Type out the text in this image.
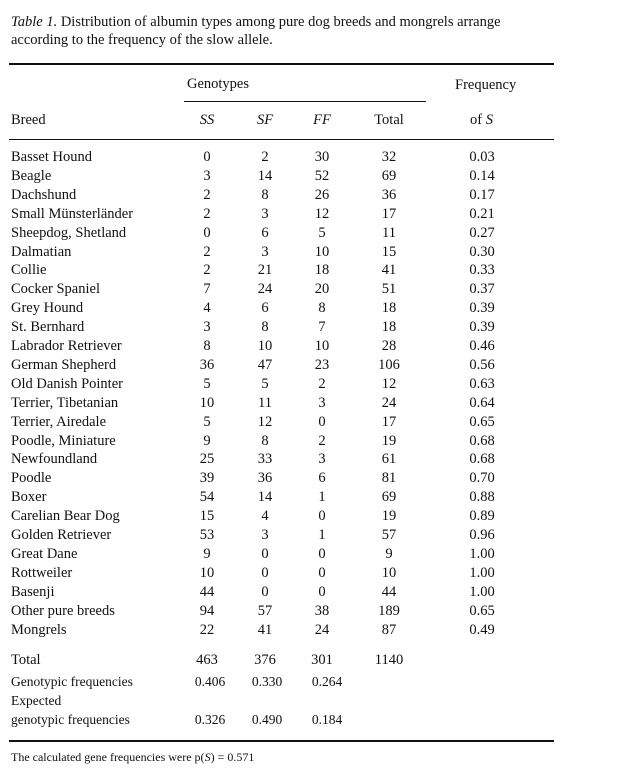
Table 1. Distribution of albumin types among pure dog breeds and mongrels arrange
according to the frequency of the slow allele.
Genotypes	Frequency
Breed	SS	SF	FF	Total	of S
Basset Hound	0	2	30	32	0.03
Beagle	3	14	52	69	0.14
Dachshund	2	8	26	36	0.17
Small Münsterländer	2	3	12	17	0.21
Sheepdog, Shetland	0	6	5	11	0.27
Dalmatian	2	3	10	15	0.30
Collie	2	21	18	41	0.33
Cocker Spaniel	7	24	20	51	0.37
Grey Hound	4	6	8	18	0.39
St. Bernhard	3	8	7	18	0.39
Labrador Retriever	8	10	10	28	0.46
German Shepherd	36	47	23	106	0.56
Old Danish Pointer	5	5	2	12	0.63
Terrier, Tibetanian	10	11	3	24	0.64
Terrier, Airedale	5	12	0	17	0.65
Poodle, Miniature	9	8	2	19	0.68
Newfoundland	25	33	3	61	0.68
Poodle	39	36	6	81	0.70
Boxer	54	14	1	69	0.88
Carelian Bear Dog	15	4	0	19	0.89
Golden Retriever	53	3	1	57	0.96
Great Dane	9	0	0	9	1.00
Rottweiler	10	0	0	10	1.00
Basenji	44	0	0	44	1.00
Other pure breeds	94	57	38	189	0.65
Mongrels	22	41	24	87	0.49
Total	463	376	301	1140
Genotypic frequencies	0.406	0.330	0.264
Expected
genotypic frequencies	0.326	0.490	0.184
The calculated gene frequencies were p(S) = 0.571
